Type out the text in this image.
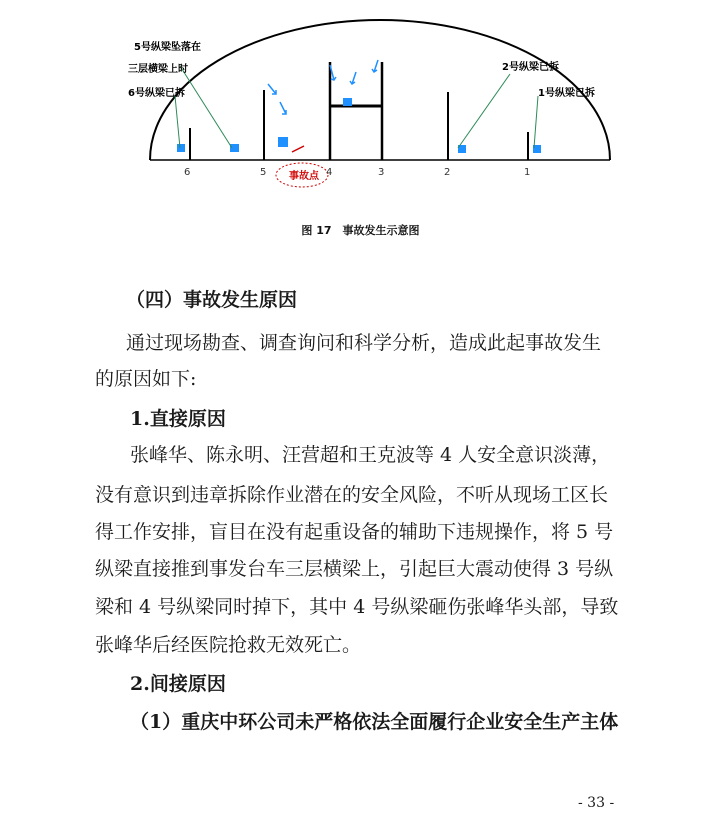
事故点
5号纵梁坠落在
三层横梁上时
6号纵梁已拆
2号纵梁已拆
1号纵梁已拆
6	5	4	3	2	1
图 17　事故发生示意图
（四）事故发生原因
通过现场勘查、调查询问和科学分析，造成此起事故发生
的原因如下:
1.直接原因
张峰华、陈永明、汪营超和王克波等 4 人安全意识淡薄，
没有意识到违章拆除作业潜在的安全风险，不听从现场工区长
得工作安排，盲目在没有起重设备的辅助下违规操作，将 5 号
纵梁直接推到事发台车三层横梁上，引起巨大震动使得 3 号纵
梁和 4 号纵梁同时掉下，其中 4 号纵梁砸伤张峰华头部，导致
张峰华后经医院抢救无效死亡。
2.间接原因
（1）重庆中环公司未严格依法全面履行企业安全生产主体
- 33 -
